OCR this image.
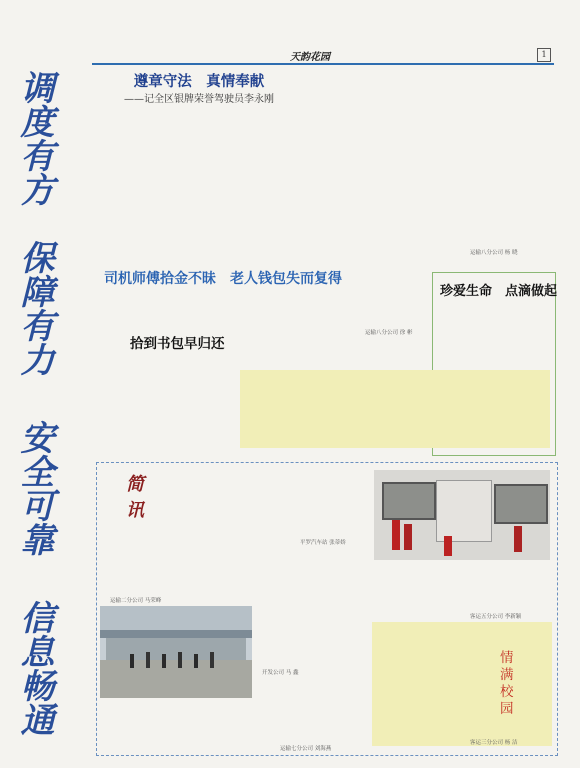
天韵花园	1
调度有方
保障有力
安全可靠
信息畅通
遵章守法　真情奉献
——记全区银牌荣誉驾驶员李永刚
运输八分公司 杨 晓
司机师傅拾金不昧　老人钱包失而复得
运输八分公司 徐 彬
拾到书包早归还
珍爱生命　点滴做起
简　讯
平罗汽车站 张蒂娇
运输二分公司 马荣峰
开发公司 马 鑫
运输七分公司 刘海燕
客运五分公司 李新颖
情满校园
客运三分公司 杨 洁
